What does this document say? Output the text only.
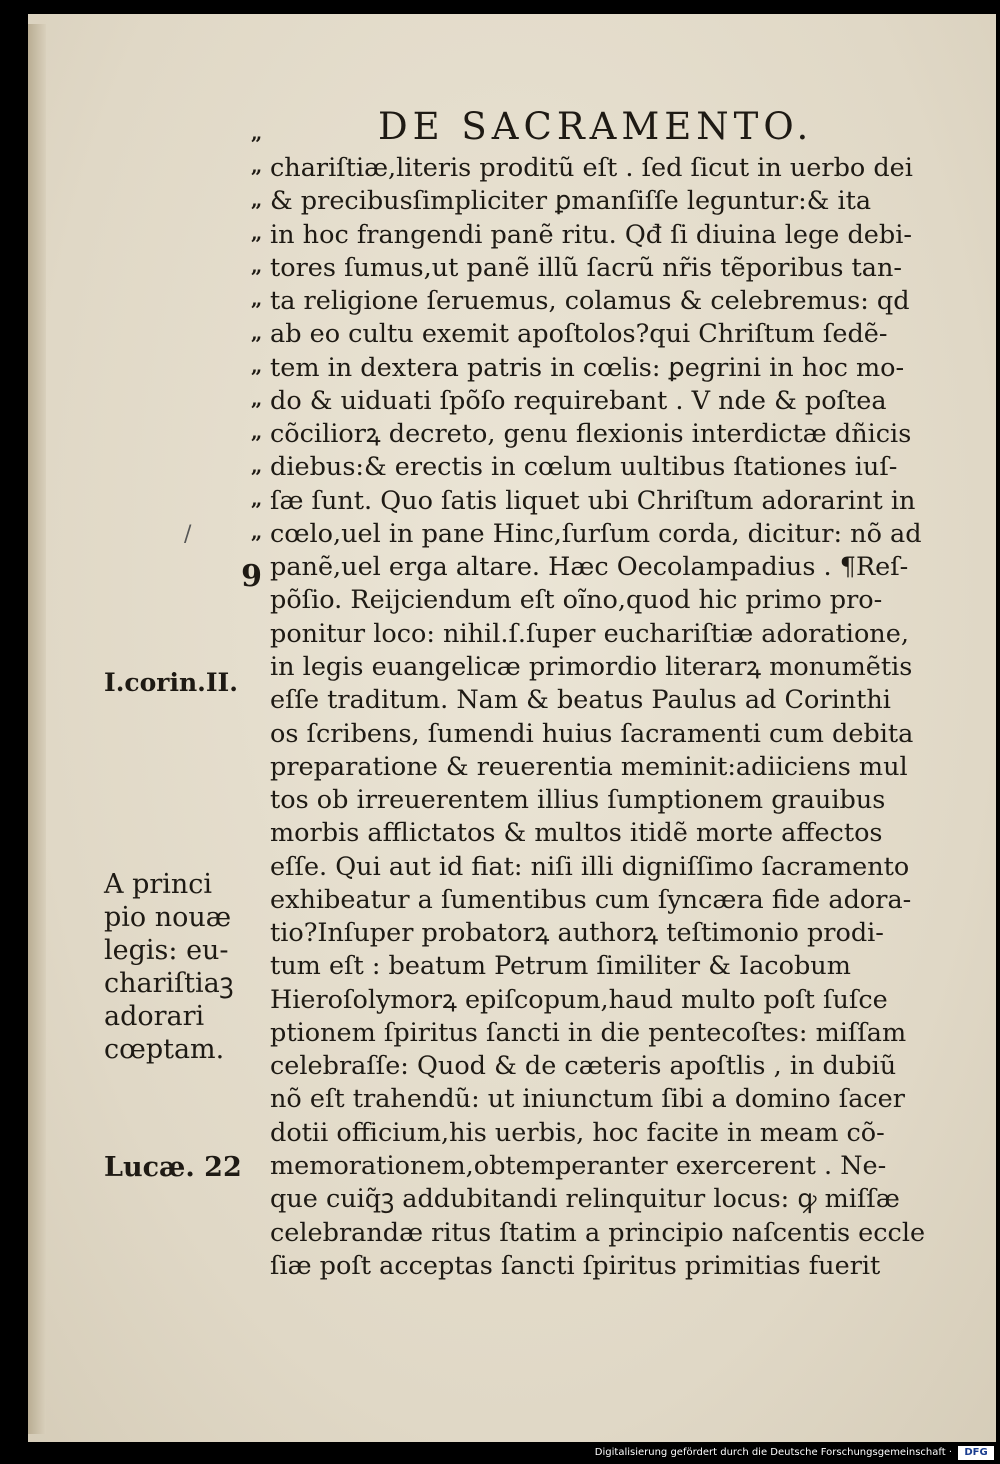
DE SACRAMENTO.
”
”
”
”
”
”
”
”
”
”
”
”
”
9
chariſtiæ,literis proditũ eſt . ſed ſicut in uerbo dei
& precibusſimpliciter ꝑmanſiſſe leguntur:& ita
in hoc frangendi panẽ ritu. Qđ ſi diuina lege debi-
tores ſumus,ut panẽ illũ ſacrũ nr̃is tẽporibus tan-
ta religione ſeruemus, colamus & celebremus: qd
ab eo cultu exemit apoſtolos?qui Chriſtum ſedẽ-
tem in dextera patris in cœlis: ꝑegrini in hoc mo-
do & uiduati ſpõſo requirebant . V nde & poſtea
cõciliorꝝ decreto, genu flexionis interdictæ dñicis
diebus:& erectis in cœlum uultibus ſtationes iuſ-
ſæ ſunt. Quo ſatis liquet ubi Chriſtum adorarint in
cœlo,uel in pane Hinc,ſurſum corda, dicitur: nõ ad
panẽ,uel erga altare. Hæc Oecolampadius . ¶Reſ-
põſio. Reijciendum eſt oĩno,quod hic primo pro-
ponitur loco: nihil.ſ.ſuper euchariſtiæ adoratione,
in legis euangelicæ primordio literarꝝ monumẽtis
eſſe traditum. Nam & beatus Paulus ad Corinthi
os ſcribens, ſumendi huius ſacramenti cum debita
preparatione & reuerentia meminit:adiiciens mul
tos ob irreuerentem illius ſumptionem grauibus
morbis afflictatos & multos itidẽ morte affectos
eſſe. Qui aut id fiat: niſi illi digniſſimo ſacramento
exhibeatur a ſumentibus cum ſyncæra fide adora-
tio?Inſuper probatorꝝ authorꝝ teſtimonio prodi-
tum eſt : beatum Petrum ſimiliter & Iacobum
Hieroſolymorꝝ epiſcopum,haud multo poſt ſuſce
ptionem ſpiritus ſancti in die pentecoſtes: miſſam
celebraſſe: Quod & de cæteris apoſtlis , in dubiũ
nõ eſt trahendũ: ut iniunctum ſibi a domino ſacer
dotii officium,his uerbis, hoc facite in meam cõ-
memorationem,obtemperanter exercerent . Ne-
que cuiq̃ꝫ addubitandi relinquitur locus: ꝙ miſſæ
celebrandæ ritus ſtatim a principio naſcentis eccle
ſiæ poſt acceptas ſancti ſpiritus primitias fuerit
I.corin.II.
A princi
pio nouæ
legis: eu-
chariſtiaꝫ
adorari
cœptam.
Lucæ. 22
/
Digitalisierung gefördert durch die Deutsche Forschungsgemeinschaft ·	DFG
